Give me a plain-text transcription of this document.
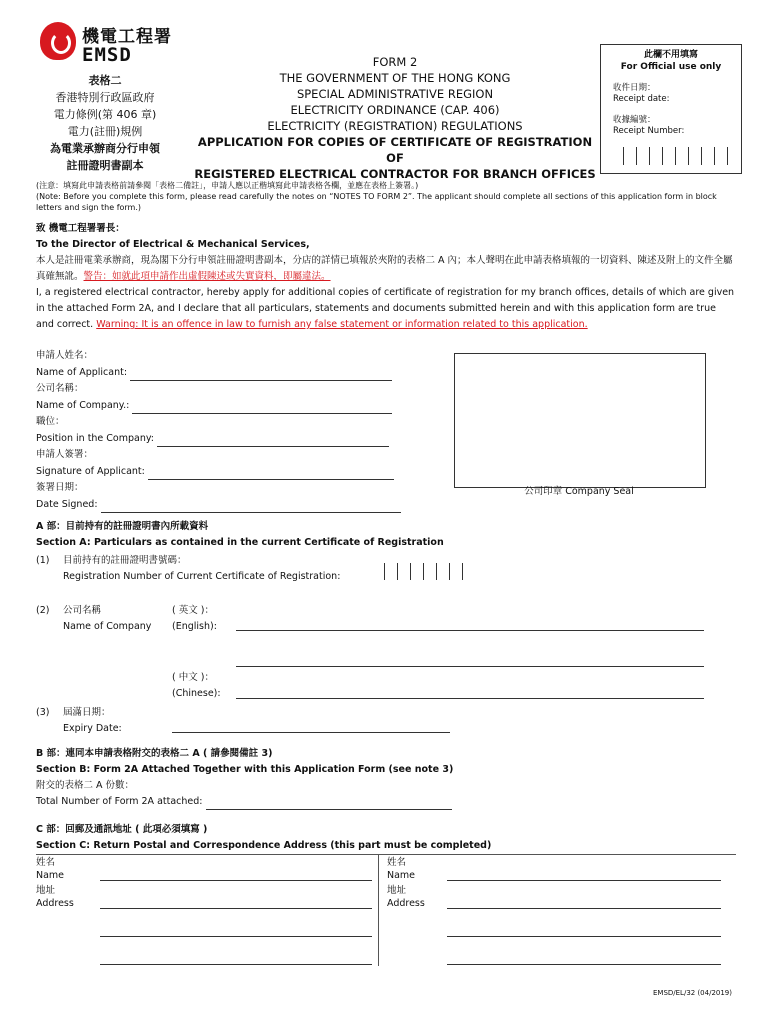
機電工程署
EMSD
表格二
香港特別行政區政府
電力條例(第 406 章)
電力(註冊)規例
為電業承辦商分行申領
註冊證明書副本
FORM 2
THE GOVERNMENT OF THE HONG KONG
SPECIAL ADMINISTRATIVE REGION
ELECTRICITY ORDINANCE (CAP. 406)
ELECTRICITY (REGISTRATION) REGULATIONS
APPLICATION FOR COPIES OF CERTIFICATE OF REGISTRATION OF
REGISTERED ELECTRICAL CONTRACTOR FOR BRANCH OFFICES
此欄不用填寫
For Official use only
收件日期：
Receipt date:
收據編號：
Receipt Number:
(注意：填寫此申請表格前請參閱「表格二備註」，申請人應以正楷填寫此申請表格各欄，並應在表格上簽署。)
(Note: Before you complete this form, please read carefully the notes on “NOTES TO FORM 2”. The applicant should complete all sections of this application form in block letters and sign the form.)
致 機電工程署署長：
To the Director of Electrical & Mechanical Services,
本人是註冊電業承辦商，現為閣下分行申領註冊證明書副本，分店的詳情已填報於夾附的表格二 A 內；本人聲明在此申請表格填報的一切資料、陳述及附上的文件全屬真確無訛。警告：如就此項申請作出虛假陳述或失實資料，即屬違法。
I, a registered electrical contractor, hereby apply for additional copies of certificate of registration for my branch offices, details of which are given in the attached Form 2A, and I declare that all particulars, statements and documents submitted herein and with this application form are true and correct. Warning: It is an offence in law to furnish any false statement or information related to this application.
申請人姓名：
Name of Applicant:
公司名稱：
Name of Company.:
職位：
Position in the Company:
申請人簽署：
Signature of Applicant:
簽署日期：
Date Signed:
公司印章 Company Seal
A 部：目前持有的註冊證明書內所載資料
Section A: Particulars as contained in the current Certificate of Registration
(1) 目前持有的註冊證明書號碼：
Registration Number of Current Certificate of Registration:
(2) 公司名稱
Name of Company
( 英文 )：
(English):
( 中文 )：
(Chinese):
(3) 屆滿日期：
Expiry Date:
B 部：連同本申請表格附交的表格二 A ( 請參閱備註 3)
Section B: Form 2A Attached Together with this Application Form (see note 3)
附交的表格二 A 份數：
Total Number of Form 2A attached:
C 部：回郵及通訊地址 ( 此項必須填寫 )
Section C: Return Postal and Correspondence Address (this part must be completed)
姓名
Name
地址
Address
姓名
Name
地址
Address
EMSD/EL/32 (04/2019)
